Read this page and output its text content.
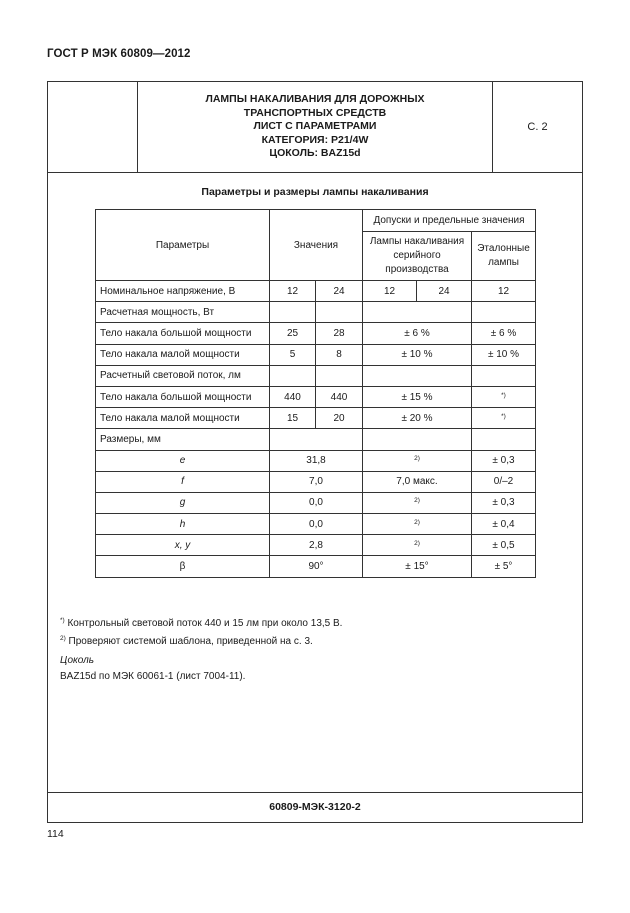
ГОСТ Р МЭК 60809—2012
ЛАМПЫ НАКАЛИВАНИЯ ДЛЯ ДОРОЖНЫХ
ТРАНСПОРТНЫХ СРЕДСТВ
ЛИСТ С ПАРАМЕТРАМИ
КАТЕГОРИЯ: P21/4W
ЦОКОЛЬ: BAZ15d
С. 2
Параметры и размеры лампы накаливания
Параметры	Значения		Допуски и предельные значения		
			Лампы накаливания
серийного
производства		Эталонные
лампы
Номинальное напряжение, В	12	24	12	24	12
Расчетная мощность, Вт					
Тело накала большой мощности	25	28	± 6 %		± 6 %
Тело накала малой мощности	5	8	± 10 %		± 10 %
Расчетный световой поток, лм					
Тело накала большой мощности	440	440	± 15 %		*)
Тело накала малой мощности	15	20	± 20 %		*)
Размеры, мм					
e	31,8		$^{2)}$		± 0,3
f	7,0		7,0 макс.		0/–2
g	0,0		$^{2)}$		± 0,3
h	0,0		$^{2)}$		± 0,4
x, y	2,8		$^{2)}$		± 0,5
β	90°		± 15°		± 5°
*) Контрольный световой поток 440 и 15 лм при около 13,5 В.
$^{2)}$ Проверяют системой шаблона, приведенной на с. 3.
Цоколь
BAZ15d по МЭК 60061-1 (лист 7004-11).
60809-МЭК-3120-2
114
